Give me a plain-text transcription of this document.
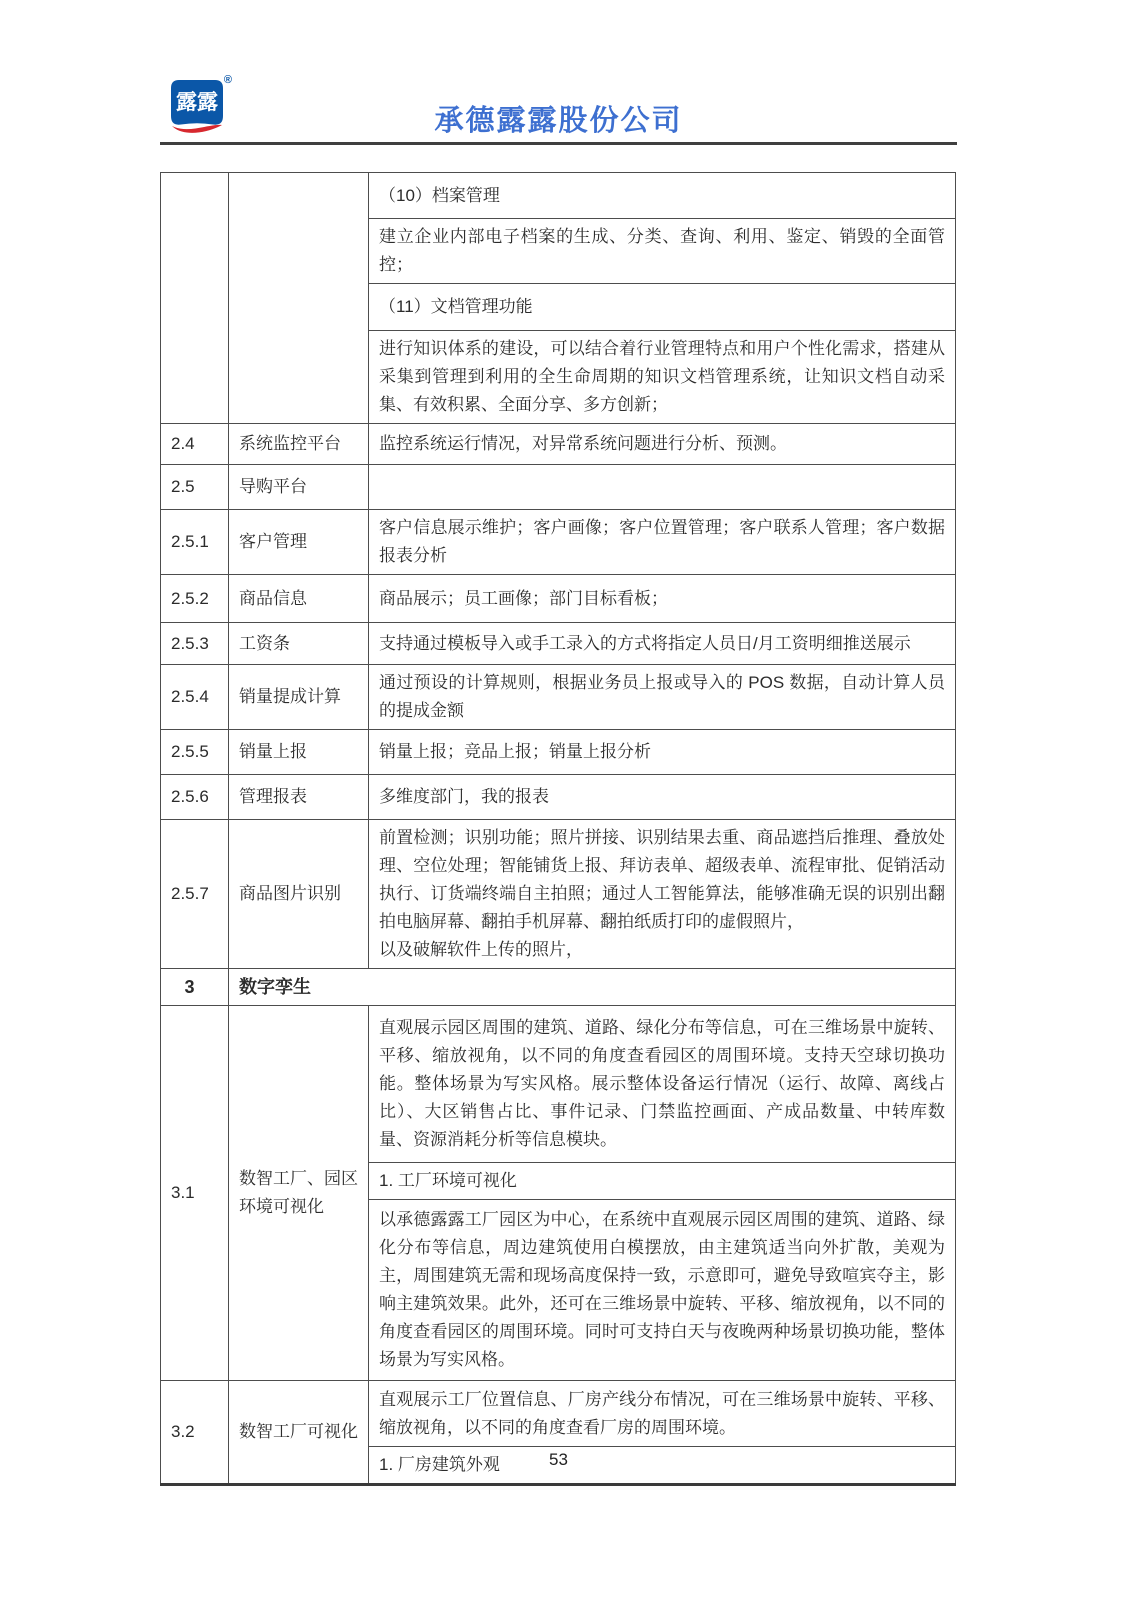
露露
®
承德露露股份公司
		（10）档案管理
		建立企业内部电子档案的生成、分类、查询、利用、鉴定、销毁的全面管控；
		（11）文档管理功能
		进行知识体系的建设，可以结合着行业管理特点和用户个性化需求，搭建从采集到管理到利用的全生命周期的知识文档管理系统，让知识文档自动采集、有效积累、全面分享、多方创新；
2.4	系统监控平台	监控系统运行情况，对异常系统问题进行分析、预测。
2.5	导购平台	
2.5.1	客户管理	客户信息展示维护；客户画像；客户位置管理；客户联系人管理；客户数据报表分析
2.5.2	商品信息	商品展示；员工画像；部门目标看板；
2.5.3	工资条	支持通过模板导入或手工录入的方式将指定人员日/月工资明细推送展示
2.5.4	销量提成计算	通过预设的计算规则，根据业务员上报或导入的 POS 数据，自动计算人员的提成金额
2.5.5	销量上报	销量上报；竞品上报；销量上报分析
2.5.6	管理报表	多维度部门，我的报表
2.5.7	商品图片识别	前置检测；识别功能；照片拼接、识别结果去重、商品遮挡后推理、叠放处理、空位处理；智能铺货上报、拜访表单、超级表单、流程审批、促销活动执行、订货端终端自主拍照；通过人工智能算法，能够准确无误的识别出翻拍电脑屏幕、翻拍手机屏幕、翻拍纸质打印的虚假照片，
以及破解软件上传的照片，

3	数字孪生	
3.1	数智工厂、园区环境可视化	直观展示园区周围的建筑、道路、绿化分布等信息，可在三维场景中旋转、平移、缩放视角，以不同的角度查看园区的周围环境。支持天空球切换功能。整体场景为写实风格。展示整体设备运行情况（运行、故障、离线占比）、大区销售占比、事件记录、门禁监控画面、产成品数量、中转库数量、资源消耗分析等信息模块。
		1. 工厂环境可视化
		以承德露露工厂园区为中心，在系统中直观展示园区周围的建筑、道路、绿化分布等信息，周边建筑使用白模摆放，由主建筑适当向外扩散，美观为主，周围建筑无需和现场高度保持一致，示意即可，避免导致喧宾夺主，影响主建筑效果。此外，还可在三维场景中旋转、平移、缩放视角，以不同的角度查看园区的周围环境。同时可支持白天与夜晚两种场景切换功能，整体场景为写实风格。
3.2	数智工厂可视化	直观展示工厂位置信息、厂房产线分布情况，可在三维场景中旋转、平移、缩放视角，以不同的角度查看厂房的周围环境。
		1. 厂房建筑外观	53
